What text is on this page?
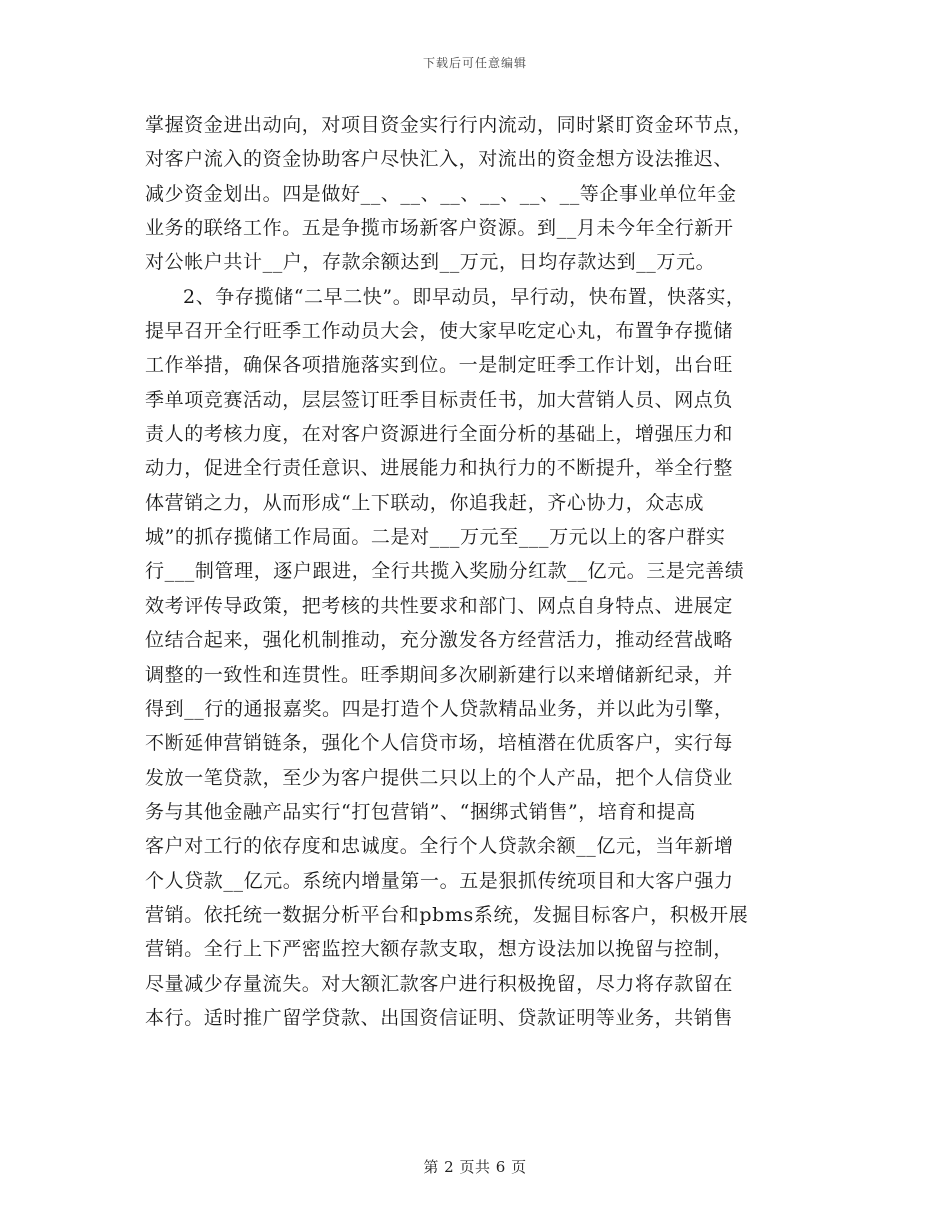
下载后可任意编辑
掌握资金进出动向，对项目资金实行行内流动，同时紧盯资金环节点，
对客户流入的资金协助客户尽快汇入，对流出的资金想方设法推迟、
减少资金划出。四是做好__、__、__、__、__、__等企事业单位年金
业务的联络工作。五是争揽市场新客户资源。到__月未今年全行新开
对公帐户共计__户，存款余额达到__万元，日均存款达到__万元。
2、争存揽储“二早二快”。即早动员，早行动，快布置，快落实，
提早召开全行旺季工作动员大会，使大家早吃定心丸，布置争存揽储
工作举措，确保各项措施落实到位。一是制定旺季工作计划，出台旺
季单项竞赛活动，层层签订旺季目标责任书，加大营销人员、网点负
责人的考核力度，在对客户资源进行全面分析的基础上，增强压力和
动力，促进全行责任意识、进展能力和执行力的不断提升，举全行整
体营销之力，从而形成“上下联动，你追我赶，齐心协力，众志成
城”的抓存揽储工作局面。二是对___万元至___万元以上的客户群实
行___制管理，逐户跟进，全行共揽入奖励分红款__亿元。三是完善绩
效考评传导政策，把考核的共性要求和部门、网点自身特点、进展定
位结合起来，强化机制推动，充分激发各方经营活力，推动经营战略
调整的一致性和连贯性。旺季期间多次刷新建行以来增储新纪录，并
得到__行的通报嘉奖。四是打造个人贷款精品业务，并以此为引擎，
不断延伸营销链条，强化个人信贷市场，培植潜在优质客户，实行每
发放一笔贷款，至少为客户提供二只以上的个人产品，把个人信贷业
务与其他金融产品实行“打包营销”、“捆绑式销售”，培育和提高
客户对工行的依存度和忠诚度。全行个人贷款余额__亿元，当年新增
个人贷款__亿元。系统内增量第一。五是狠抓传统项目和大客户强力
营销。依托统一数据分析平台和pbms系统，发掘目标客户，积极开展
营销。全行上下严密监控大额存款支取，想方设法加以挽留与控制，
尽量减少存量流失。对大额汇款客户进行积极挽留，尽力将存款留在
本行。适时推广留学贷款、出国资信证明、贷款证明等业务，共销售
第 2 页共 6 页
